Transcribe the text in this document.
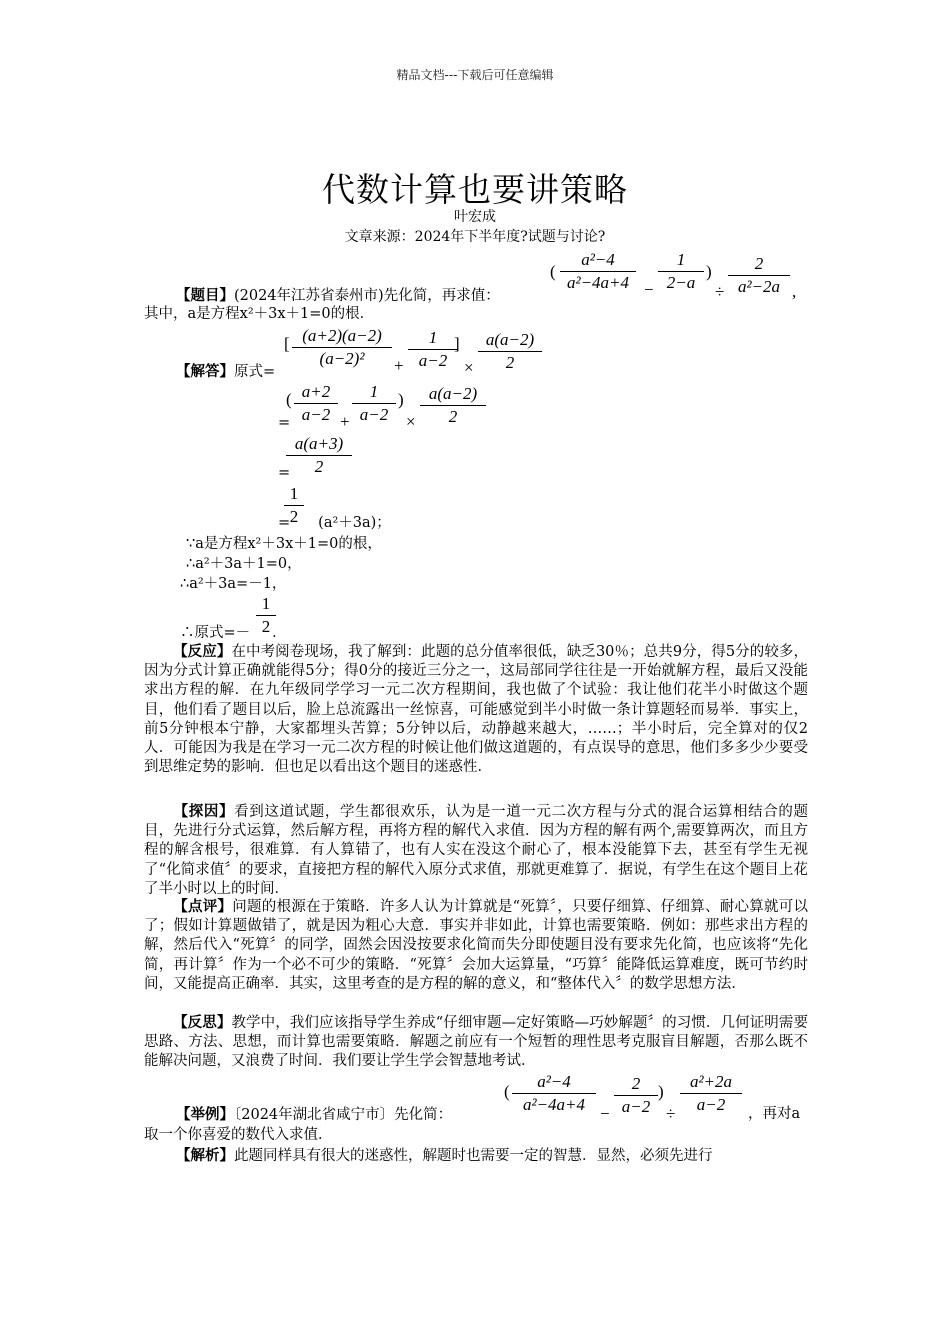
精品文档---下载后可任意编辑
代数计算也要讲策略
叶宏成
文章来源：2024年下半年度?试题与讨论?
【题目】(2024年江苏省泰州市)先化简，再求值：
(
a²−4
a²−4a+4 −
1
2−a
)
÷
2
a²−2a ,
其中，a是方程x²＋3x＋1=0的根．
【解答】原式=
[ (a+2)(a−2)
(a−2)²	+
1
a−2
]
×
a(a−2)
2
=
( a+2
a−2 +
1
a−2
)
×
a(a−2)
2
=
a(a+3)
2
1
2
= (a²＋3a)；
∵a是方程x²＋3x＋1=0的根，
∴a²＋3a＋1=0，
∴a²＋3a=－1，
1
2
∴原式=－ ．
【反应】在中考阅卷现场，我了解到：此题的总分值率很低，缺乏30％；总共9分，得5分的较多，因为分式计算正确就能得5分；得0分的接近三分之一，这局部同学往往是一开始就解方程，最后又没能求出方程的解．在九年级同学学习一元二次方程期间，我也做了个试验：我让他们花半小时做这个题目，他们看了题目以后，脸上总流露出一丝惊喜，可能感觉到半小时做一条计算题轻而易举．事实上，前5分钟根本宁静，大家都埋头苦算；5分钟以后，动静越来越大，……；半小时后，完全算对的仅2人．可能因为我是在学习一元二次方程的时候让他们做这道题的，有点误导的意思，他们多多少少要受到思维定势的影响．但也足以看出这个题目的迷惑性．
【探因】看到这道试题，学生都很欢乐，认为是一道一元二次方程与分式的混合运算相结合的题目，先进行分式运算，然后解方程，再将方程的解代入求值．因为方程的解有两个,需要算两次，而且方程的解含根号，很难算．有人算错了，也有人实在没这个耐心了，根本没能算下去，甚至有学生无视了“化简求值〞的要求，直接把方程的解代入原分式求值，那就更难算了．据说，有学生在这个题目上花了半小时以上的时间．
【点评】问题的根源在于策略．许多人认为计算就是“死算〞，只要仔细算、仔细算、耐心算就可以了；假如计算题做错了，就是因为粗心大意．事实并非如此，计算也需要策略．例如：那些求出方程的解，然后代入“死算〞的同学，固然会因没按要求化简而失分即使题目没有要求先化简，也应该将“先化简，再计算〞作为一个必不可少的策略．“死算〞会加大运算量，“巧算〞能降低运算难度，既可节约时间，又能提高正确率．其实，这里考查的是方程的解的意义，和“整体代入〞的数学思想方法．
【反思】教学中，我们应该指导学生养成“仔细审题—定好策略—巧妙解题〞的习惯．几何证明需要思路、方法、思想，而计算也需要策略．解题之前应有一个短暂的理性思考克服盲目解题，否那么既不能解决问题，又浪费了时间．我们要让学生学会智慧地考试．
【举例】〔2024年湖北省咸宁市〕先化简：
(
a²−4
a²−4a+4 −
2
a−2
)
÷
a²+2a
a−2	，再对a
取一个你喜爱的数代入求值．
【解析】此题同样具有很大的迷惑性，解题时也需要一定的智慧．显然，必须先进行
